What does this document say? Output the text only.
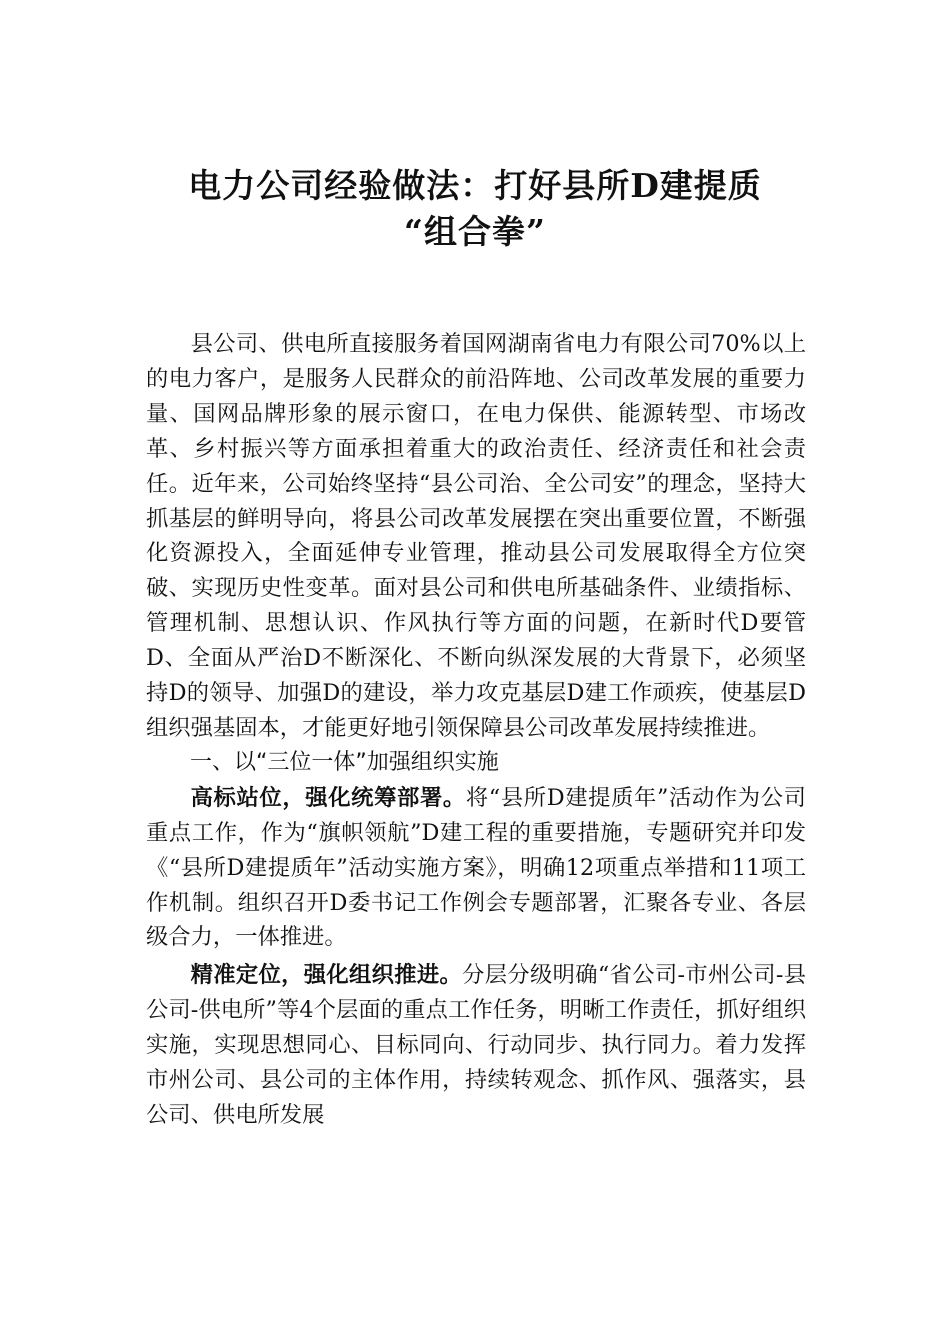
电力公司经验做法：打好县所D建提质
“组合拳”

县公司、供电所直接服务着国网湖南省电力有限公司70%以上的电力客户，是服务人民群众的前沿阵地、公司改革发展的重要力量、国网品牌形象的展示窗口，在电力保供、能源转型、市场改革、乡村振兴等方面承担着重大的政治责任、经济责任和社会责任。近年来，公司始终坚持“县公司治、全公司安”的理念，坚持大抓基层的鲜明导向，将县公司改革发展摆在突出重要位置，不断强化资源投入，全面延伸专业管理，推动县公司发展取得全方位突破、实现历史性变革。面对县公司和供电所基础条件、业绩指标、管理机制、思想认识、作风执行等方面的问题，在新时代D要管D、全面从严治D不断深化、不断向纵深发展的大背景下，必须坚持D的领导、加强D的建设，举力攻克基层D建工作顽疾，使基层D组织强基固本，才能更好地引领保障县公司改革发展持续推进。

一、以“三位一体”加强组织实施

高标站位，强化统筹部署。将“县所D建提质年”活动作为公司重点工作，作为“旗帜领航”D建工程的重要措施，专题研究并印发《“县所D建提质年”活动实施方案》，明确12项重点举措和11项工作机制。组织召开D委书记工作例会专题部署，汇聚各专业、各层级合力，一体推进。

精准定位，强化组织推进。分层分级明确“省公司-市州公司-县公司-供电所”等4个层面的重点工作任务，明晰工作责任，抓好组织实施，实现思想同心、目标同向、行动同步、执行同力。着力发挥市州公司、县公司的主体作用，持续转观念、抓作风、强落实，县公司、供电所发展
